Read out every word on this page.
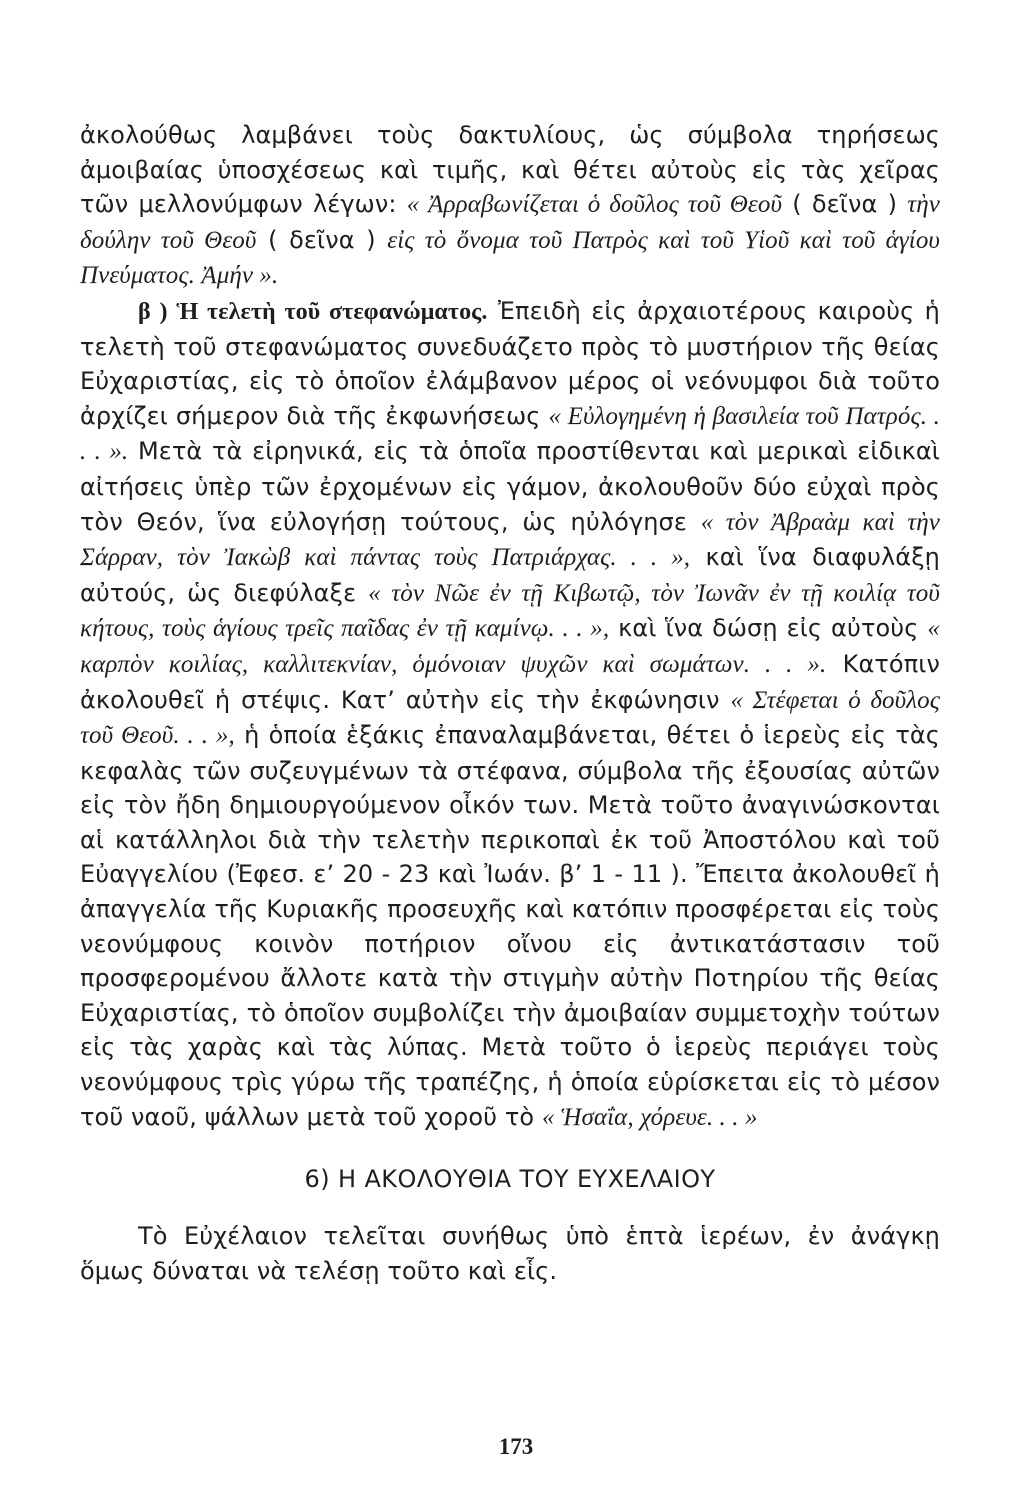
ἀκολούθως λαμβάνει τοὺς δακτυλίους, ὡς σύμβολα τηρήσεως ἀμοιβαίας ὑποσχέσεως καὶ τιμῆς, καὶ θέτει αὐτοὺς εἰς τὰς χεῖρας τῶν μελλονύμφων λέγων: « Ἀρραβωνίζεται ὁ δοῦλος τοῦ Θεοῦ ( δεῖνα ) τὴν δούλην τοῦ Θεοῦ ( δεῖνα ) εἰς τὸ ὄνομα τοῦ Πατρὸς καὶ τοῦ Υἱοῦ καὶ τοῦ ἁγίου Πνεύματος. Ἀμήν ».

β ) Ἡ τελετὴ τοῦ στεφανώματος. Ἐπειδὴ εἰς ἀρχαιοτέρους καιροὺς ἡ τελετὴ τοῦ στεφανώματος συνεδυάζετο πρὸς τὸ μυστήριον τῆς θείας Εὐχαριστίας, εἰς τὸ ὁποῖον ἐλάμβανον μέρος οἱ νεόνυμφοι διὰ τοῦτο ἀρχίζει σήμερον διὰ τῆς ἐκφωνήσεως « Εὐλογημένη ἡ βασιλεία τοῦ Πατρός. . . . ». Μετὰ τὰ εἰρηνικά, εἰς τὰ ὁποῖα προστίθενται καὶ μερικαὶ εἰδικαὶ αἰτήσεις ὑπὲρ τῶν ἐρχομένων εἰς γάμον, ἀκολουθοῦν δύο εὐχαὶ πρὸς τὸν Θεόν, ἵνα εὐλογήσῃ τούτους, ὡς ηὐλόγησε « τὸν Ἀβραὰμ καὶ τὴν Σάρραν, τὸν Ἰακὼβ καὶ πάντας τοὺς Πατριάρχας. . . », καὶ ἵνα διαφυλάξῃ αὐτούς, ὡς διεφύλαξε « τὸν Νῶε ἐν τῇ Κιβωτῷ, τὸν Ἰωνᾶν ἐν τῇ κοιλίᾳ τοῦ κήτους, τοὺς ἁγίους τρεῖς παῖδας ἐν τῇ καμίνῳ. . . », καὶ ἵνα δώσῃ εἰς αὐτοὺς « καρπὸν κοιλίας, καλλιτεκνίαν, ὁμόνοιαν ψυχῶν καὶ σωμάτων. . . ». Κατόπιν ἀκολουθεῖ ἡ στέψις. Κατ’ αὐτὴν εἰς τὴν ἐκφώνησιν « Στέφεται ὁ δοῦλος τοῦ Θεοῦ. . . », ἡ ὁποία ἑξάκις ἐπαναλαμβάνεται, θέτει ὁ ἱερεὺς εἰς τὰς κεφαλὰς τῶν συζευγμένων τὰ στέφανα, σύμβολα τῆς ἐξουσίας αὐτῶν εἰς τὸν ἤδη δημιουργούμενον οἶκόν των. Μετὰ τοῦτο ἀναγινώσκονται αἱ κατάλληλοι διὰ τὴν τελετὴν περικοπαὶ ἐκ τοῦ Ἀποστόλου καὶ τοῦ Εὐαγγελίου (Ἐφεσ. ε’ 20 - 23 καὶ Ἰωάν. β’ 1 - 11 ). Ἔπειτα ἀκολουθεῖ ἡ ἀπαγγελία τῆς Κυριακῆς προσευχῆς καὶ κατόπιν προσφέρεται εἰς τοὺς νεονύμφους κοινὸν ποτήριον οἴνου εἰς ἀντικατάστασιν τοῦ προσφερομένου ἄλλοτε κατὰ τὴν στιγμὴν αὐτὴν Ποτηρίου τῆς θείας Εὐχαριστίας, τὸ ὁποῖον συμβολίζει τὴν ἀμοιβαίαν συμμετοχὴν τούτων εἰς τὰς χαρὰς καὶ τὰς λύπας. Μετὰ τοῦτο ὁ ἱερεὺς περιάγει τοὺς νεονύμφους τρὶς γύρω τῆς τραπέζης, ἡ ὁποία εὑρίσκεται εἰς τὸ μέσον τοῦ ναοῦ, ψάλλων μετὰ τοῦ χοροῦ τὸ « Ἡσαΐα, χόρευε. . . »

6) Η ΑΚΟΛΟΥΘΙΑ ΤΟΥ ΕΥΧΕΛΑΙΟΥ

Τὸ Εὐχέλαιον τελεῖται συνήθως ὑπὸ ἑπτὰ ἱερέων, ἐν ἀνάγκῃ ὅμως δύναται νὰ τελέσῃ τοῦτο καὶ εἷς.

173
